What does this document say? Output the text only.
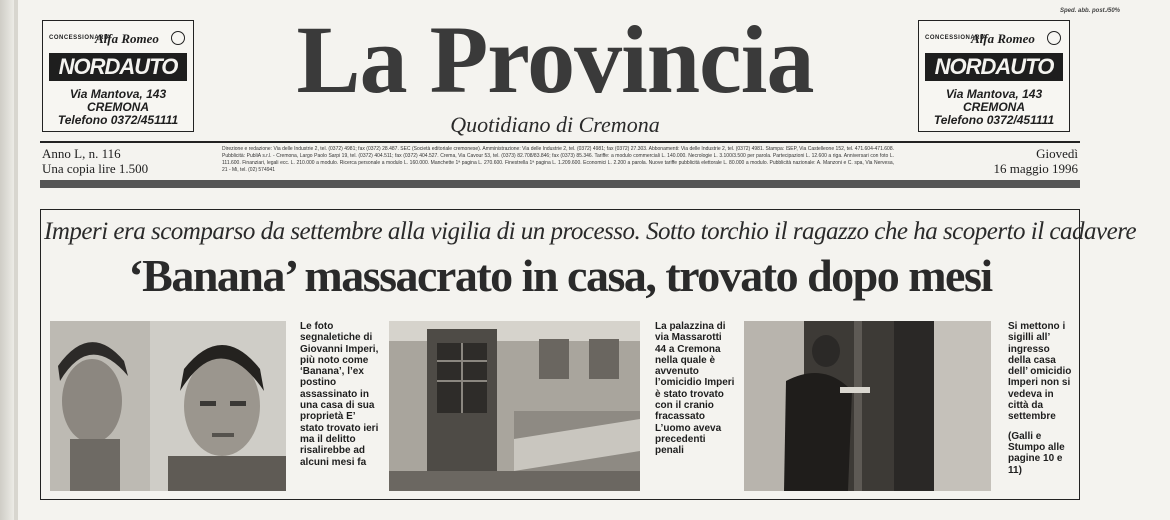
CONCESSIONARIA
Alfa Romeo
NORDAUTO
s.r.l.
Via Mantova, 143
CREMONA
Telefono 0372/451111
La Provincia
Quotidiano di Cremona
Sped. abb. post./50%
CONCESSIONARIA
Alfa Romeo
NORDAUTO
s.r.l.
Via Mantova, 143
CREMONA
Telefono 0372/451111
Anno L, n. 116
Una copia lire 1.500
Direzione e redazione: Via delle Industrie 2, tel. (0372) 4981; fax (0372) 28.487. SEC (Società editoriale cremonese). Amministrazione: Via delle Industrie 2, tel. (0372) 4981; fax (0372) 27.303. Abbonamenti: Via delle Industrie 2, tel. (0372) 4981. Stampa: ISEP, Via Castelleone 152, tel. 471.604-471.608. Pubblicità: PubliA s.r.l. - Cremona, Largo Paolo Sarpi 19, tel. (0372) 404.511; fax (0372) 404.527. Crema, Via Cavour 53, tel. (0373) 82.708/83.846; fax (0373) 85.346. Tariffe: a modulo commerciali L. 140.000. Necrologie L. 3.100/3.500 per parola. Partecipazioni L. 12.600 a riga. Anniversari con foto L. 111.600. Finanziari, legali ecc. L. 210.000 a modulo. Ricerca personale a modulo L. 160.000. Manchette 1ª pagina L. 270.600. Finestrella 1ª pagina L. 1.209.600. Economici L. 2.200 a parola. Nuove tariffe pubblicità elettorale L. 80.000 a modulo. Pubblicità nazionale: A. Manzoni e C. spa, Via Nervesa, 21 - Mi, tel. (02) 574941
Giovedì
16 maggio 1996
Imperi era scomparso da settembre alla vigilia di un processo. Sotto torchio il ragazzo che ha scoperto il cadavere
‘Banana’ massacrato in casa, trovato dopo mesi
Le foto segnaletiche di Giovanni Imperi, più noto come ‘Banana’, l’ex postino assassinato in una casa di sua proprietà E’ stato trovato ieri ma il delitto risalirebbe ad alcuni mesi fa
La palazzina di via Massarotti 44 a Cremona nella quale è avvenuto l’omicidio Imperi è stato trovato con il cranio fracassato L’uomo aveva precedenti penali
Si mettono i sigilli all’ ingresso della casa dell’ omicidio Imperi non si vedeva in città da settembre
(Galli e Stumpo alle pagine 10 e 11)
